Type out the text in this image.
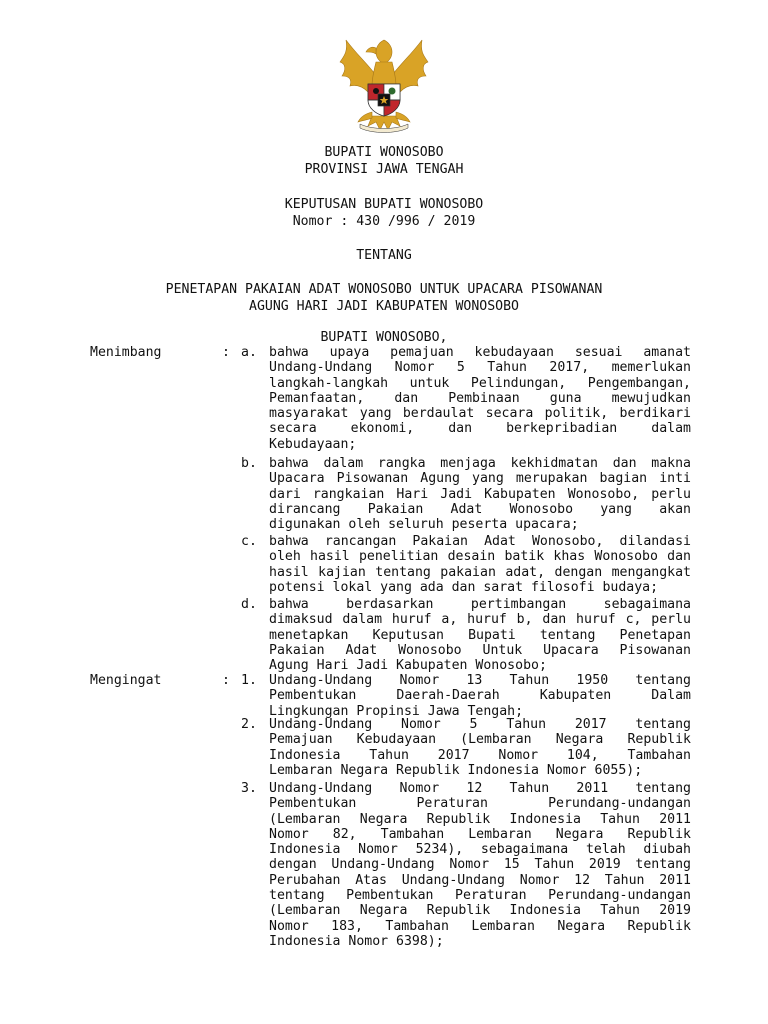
BUPATI WONOSOBO
PROVINSI JAWA TENGAH
KEPUTUSAN BUPATI WONOSOBO
Nomor : 430 /996 / 2019
TENTANG
PENETAPAN PAKAIAN ADAT WONOSOBO UNTUK UPACARA PISOWANAN
AGUNG HARI JADI KABUPATEN WONOSOBO
BUPATI WONOSOBO,
Menimbang	: a. bahwa upaya pemajuan kebudayaan sesuai amanat
Undang-Undang Nomor 5 Tahun 2017, memerlukan
langkah-langkah untuk Pelindungan, Pengembangan,
Pemanfaatan, dan Pembinaan guna mewujudkan
masyarakat yang berdaulat secara politik, berdikari
secara ekonomi, dan berkepribadian dalam
Kebudayaan;
b. bahwa dalam rangka menjaga kekhidmatan dan makna
Upacara Pisowanan Agung yang merupakan bagian inti
dari rangkaian Hari Jadi Kabupaten Wonosobo, perlu
dirancang Pakaian Adat Wonosobo yang akan
digunakan oleh seluruh peserta upacara;
c. bahwa rancangan Pakaian Adat Wonosobo, dilandasi
oleh hasil penelitian desain batik khas Wonosobo dan
hasil kajian tentang pakaian adat, dengan mengangkat
potensi lokal yang ada dan sarat filosofi budaya;
d. bahwa berdasarkan pertimbangan sebagaimana
dimaksud dalam huruf a, huruf b, dan huruf c, perlu
menetapkan Keputusan Bupati tentang Penetapan
Pakaian Adat Wonosobo Untuk Upacara Pisowanan
Agung Hari Jadi Kabupaten Wonosobo;
Mengingat	: 1. Undang-Undang Nomor 13 Tahun 1950 tentang
Pembentukan Daerah-Daerah Kabupaten Dalam
Lingkungan Propinsi Jawa Tengah;
2. Undang-Undang Nomor 5 Tahun 2017 tentang
Pemajuan Kebudayaan (Lembaran Negara Republik
Indonesia Tahun 2017 Nomor 104, Tambahan
Lembaran Negara Republik Indonesia Nomor 6055);
3. Undang-Undang Nomor 12 Tahun 2011 tentang
Pembentukan Peraturan Perundang-undangan
(Lembaran Negara Republik Indonesia Tahun 2011
Nomor 82, Tambahan Lembaran Negara Republik
Indonesia Nomor 5234), sebagaimana telah diubah
dengan Undang-Undang Nomor 15 Tahun 2019 tentang
Perubahan Atas Undang-Undang Nomor 12 Tahun 2011
tentang Pembentukan Peraturan Perundang-undangan
(Lembaran Negara Republik Indonesia Tahun 2019
Nomor 183, Tambahan Lembaran Negara Republik
Indonesia Nomor 6398);
